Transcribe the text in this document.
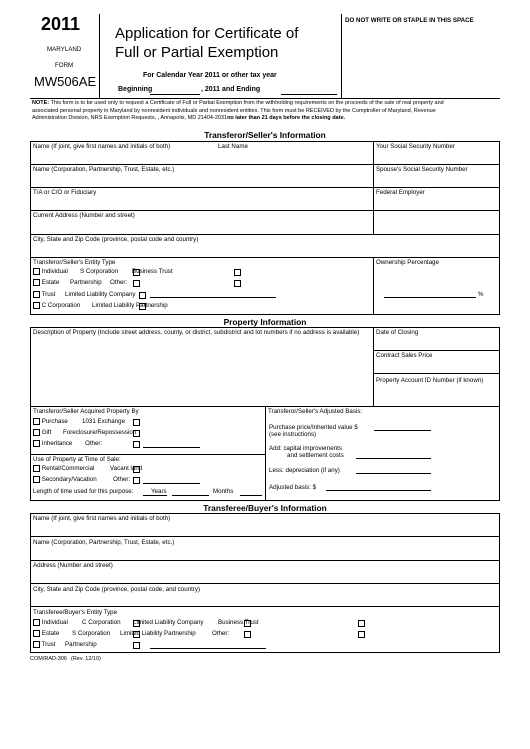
2011
MARYLAND
FORM
MW506AE
Application for Certificate of
Full or Partial Exemption
For Calendar Year 2011 or other tax year
Beginning	, 2011 and Ending
DO NOT WRITE OR STAPLE IN THIS SPACE
NOTE: This form is to be used only to request a Certificate of Full or Partial Exemption from the withholding requirements on the proceeds of the sale of real property and
associated personal property in Maryland by nonresident individuals and nonresident entities. This form must be RECEIVED by the Comptroller of Maryland, Revenue
Administration Division, NRS Exemption Requests, , Annapolis, MD 21404-2031no later than 21 days before the closing date.
Transferor/Seller's Information
Name (If joint, give first names and initials of both)	Last Name	Your Social Security Number
Name (Corporation, Partnership, Trust, Estate, etc.)	Spouse's Social Security Number
T/A or C/O or Fiduciary	Federal Employer
Current Address (Number and street)
City, State and Zip Code (province, postal code and country)
Transferor/Seller's Entity Type	Ownership Percentage
%
Individual S Corporation Business Trust
Estate Partnership Other:
Trust Limited Liability Company
C Corporation Limited Liability Partnership
Property Information
Description of Property (Include street address, county, or district, subdistrict and lot numbers if no address is available)	Date of Closing
Contract Sales Price
Property Account ID Number (if known)
Transferor/Seller Acquired Property By
Purchase 1031 Exchange
Gift Foreclosure/Repossession
Inheritance Other:
Use of Property at Time of Sale:
Rental/Commercial	Vacant land
Secondary/Vacation	Other:
Length of time used for this purpose:	Years	Months
Transferor/Seller's Adjusted Basis:
Purchase price/Inherited value $
(see instructions)
Add: capital improvements
and settlement costs
Less: depreciation (if any)
Adjusted basis: $
Transferee/Buyer's Information
Name (If joint, give first names and initials of both)
Name (Corporation, Partnership, Trust, Estate, etc.)
Address (Number and street)
City, State and Zip Code (province, postal code, and country)
Transferee/Buyer's Entity Type
Individual C Corporation Limited Liability Company Business Trust
Estate S Corporation Limited Liability Partnership	Other:
Trust Partnership
COM/RAD-306 (Rev. 12/10)
